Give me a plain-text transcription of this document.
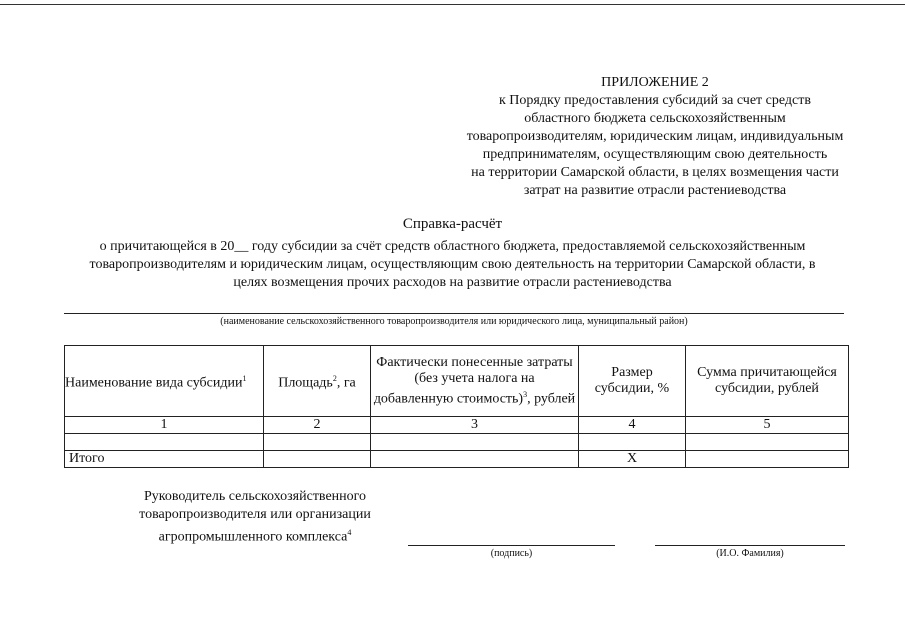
ПРИЛОЖЕНИЕ 2
к Порядку предоставления субсидий за счет средств
областного бюджета сельскохозяйственным
товаропроизводителям, юридическим лицам, индивидуальным
предпринимателям, осуществляющим свою деятельность
на территории Самарской области, в целях возмещения части
затрат на развитие отрасли растениеводства
Справка-расчёт
о причитающейся в 20__ году субсидии за счёт средств областного бюджета, предоставляемой сельскохозяйственным
товаропроизводителям и юридическим лицам, осуществляющим свою деятельность на территории Самарской области, в
целях возмещения прочих расходов на развитие отрасли растениеводства
(наименование сельскохозяйственного товаропроизводителя или юридического лица, муниципальный район)
Наименование вида субсидии$^1$	Площадь$^2$, га	Фактически понесенные затраты (без учета налога на добавленную стоимость)$^3$, рублей	Размер субсидии, %	Сумма причитающейся субсидии, рублей
1	2	3	4	5

Итого			Х	
Руководитель сельскохозяйственного
товаропроизводителя или организации
агропромышленного комплекса$^4$
(подпись)	(И.О. Фамилия)
